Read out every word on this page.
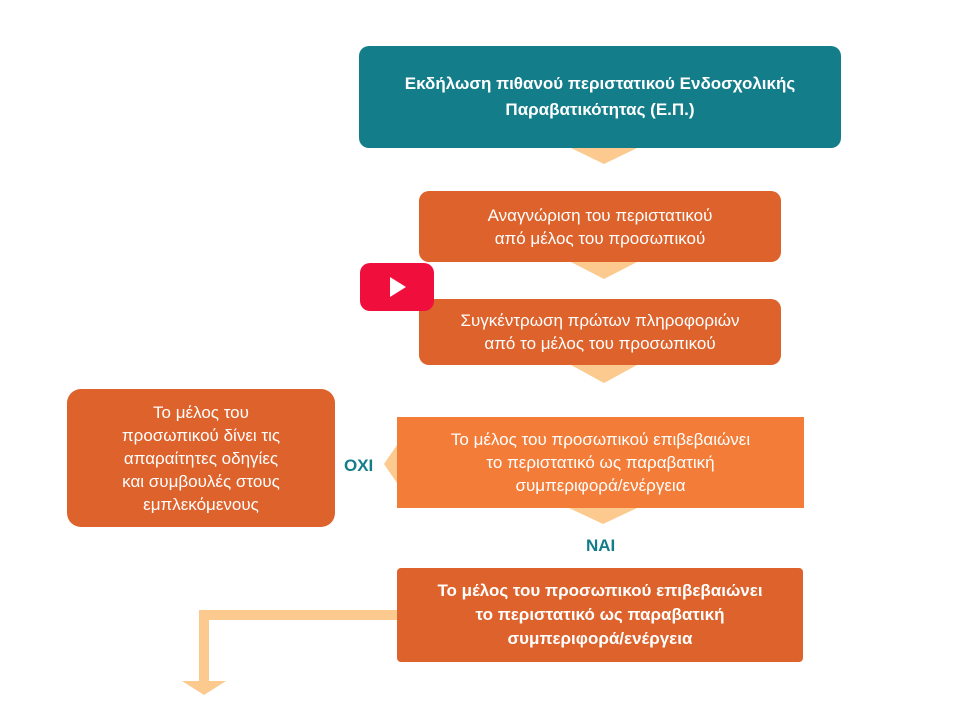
Εκδήλωση πιθανού περιστατικού Ενδοσχολικής
Παραβατικότητας (Ε.Π.)
Αναγνώριση του περιστατικού
από μέλος του προσωπικού
Συγκέντρωση πρώτων πληροφοριών
από το μέλος του προσωπικού
Το μέλος του προσωπικού επιβεβαιώνει
το περιστατικό ως παραβατική
συμπεριφορά/ενέργεια
Το μέλος του
προσωπικού δίνει τις
απαραίτητες οδηγίες
και συμβουλές στους
εμπλεκόμενους
Το μέλος του προσωπικού επιβεβαιώνει
το περιστατικό ως παραβατική
συμπεριφορά/ενέργεια
ΟΧΙ
ΝΑΙ
